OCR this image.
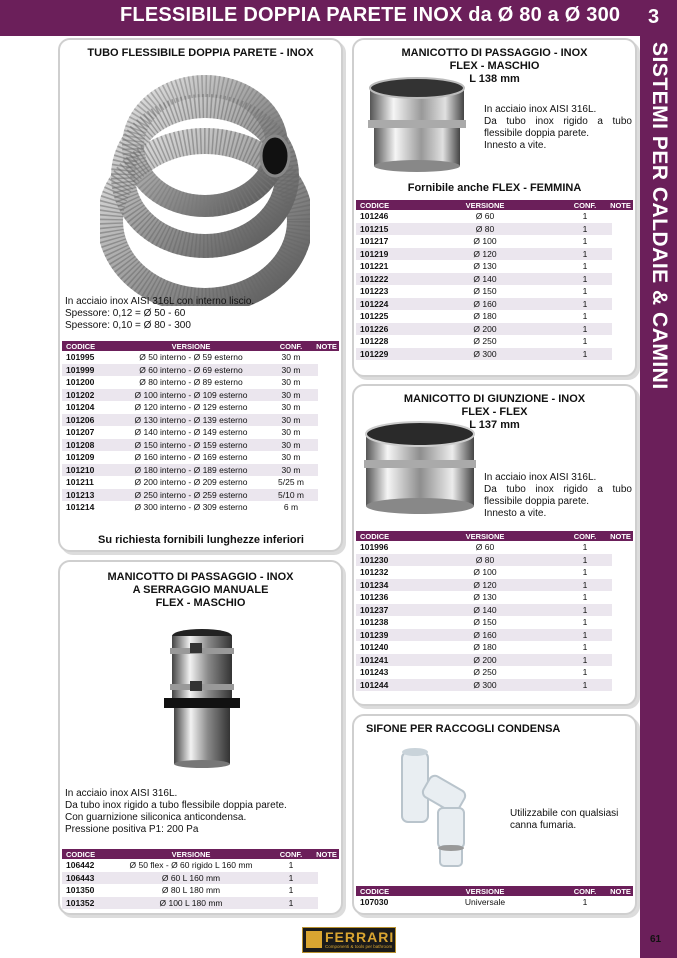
FLESSIBILE DOPPIA PARETE INOX da Ø 80 a Ø 300 3
SISTEMI PER CALDAIE & CAMINI
TUBO FLESSIBILE DOPPIA PARETE - INOX
In acciaio inox AISI 316L con interno liscio.
Spessore: 0,12 = Ø 50 - 60
Spessore: 0,10 = Ø 80 - 300
CODICE	VERSIONE	CONF.	NOTE
101995	Ø 50 interno - Ø 59 esterno	30 m	

101999	Ø 60 interno - Ø 69 esterno	30 m	

101200	Ø 80 interno - Ø 89 esterno	30 m	

101202	Ø 100 interno - Ø 109 esterno	30 m	

101204	Ø 120 interno - Ø 129 esterno	30 m	

101206	Ø 130 interno - Ø 139 esterno	30 m	

101207	Ø 140 interno - Ø 149 esterno	30 m	

101208	Ø 150 interno - Ø 159 esterno	30 m	

101209	Ø 160 interno - Ø 169 esterno	30 m	

101210	Ø 180 interno - Ø 189 esterno	30 m	

101211	Ø 200 interno - Ø 209 esterno	5/25 m	

101213	Ø 250 interno - Ø 259 esterno	5/10 m	

101214	Ø 300 interno - Ø 309 esterno	6 m	
Su richiesta fornibili lunghezze inferiori
MANICOTTO DI PASSAGGIO - INOX
A SERRAGGIO MANUALE
FLEX - MASCHIO
In acciaio inox AISI 316L.
Da tubo inox rigido a tubo flessibile doppia parete.
Con guarnizione siliconica anticondensa.
Pressione positiva P1: 200 Pa
CODICE	VERSIONE	CONF.	NOTE
106442	Ø 50 flex - Ø 60 rigido L 160 mm	1	

106443	Ø 60 L 160 mm	1	

101350	Ø 80 L 180 mm	1	

101352	Ø 100 L 180 mm	1	
MANICOTTO DI PASSAGGIO - INOX
FLEX - MASCHIO
L 138 mm
In acciaio inox AISI 316L.
Da tubo inox rigido a tubo flessibile doppia parete.
Innesto a vite.
Fornibile anche FLEX - FEMMINA
CODICE	VERSIONE	CONF.	NOTE
101246	Ø 60	1	

101215	Ø 80	1	

101217	Ø 100	1	

101219	Ø 120	1	

101221	Ø 130	1	

101222	Ø 140	1	

101223	Ø 150	1	

101224	Ø 160	1	

101225	Ø 180	1	

101226	Ø 200	1	

101228	Ø 250	1	

101229	Ø 300	1	
MANICOTTO DI GIUNZIONE - INOX
FLEX - FLEX
L 137 mm
In acciaio inox AISI 316L.
Da tubo inox rigido a tubo flessibile doppia parete.
Innesto a vite.
CODICE	VERSIONE	CONF.	NOTE
101996	Ø 60	1	

101230	Ø 80	1	

101232	Ø 100	1	

101234	Ø 120	1	

101236	Ø 130	1	

101237	Ø 140	1	

101238	Ø 150	1	

101239	Ø 160	1	

101240	Ø 180	1	

101241	Ø 200	1	

101243	Ø 250	1	

101244	Ø 300	1	
SIFONE PER RACCOGLI CONDENSA
Utilizzabile con qualsiasi
canna fumaria.
CODICE	VERSIONE	CONF.	NOTE
107030	Universale	1	
FERRARI
Componenti & tools per bathroom
61
